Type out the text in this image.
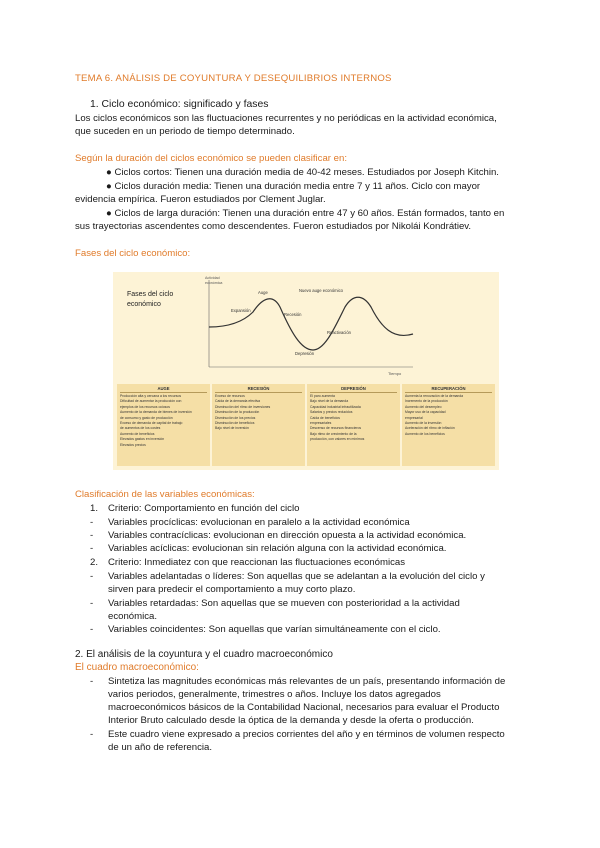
TEMA 6. ANÁLISIS DE COYUNTURA Y DESEQUILIBRIOS INTERNOS
1. Ciclo económico: significado y fases
Los ciclos económicos son las fluctuaciones recurrentes y no periódicas en la actividad económica,
que suceden en un periodo de tiempo determinado.
Según la duración del ciclos económico se pueden clasificar en:
● Ciclos cortos: Tienen una duración media de 40-42 meses. Estudiados por Joseph Kitchin.
● Ciclos duración media: Tienen una duración media entre 7 y 11 años. Ciclo con mayor
evidencia empírica. Fueron estudiados por Clement Juglar.
● Ciclos de larga duración: Tienen una duración entre 47 y 60 años. Están formados, tanto en
sus trayectorias ascendentes como descendentes. Fueron estudiados por Nikolái Kondrátiev.
Fases del ciclo económico:
Fases del ciclo
económico
Actividad
económica
Tiempo
Auge
Expansión
Recesión
Depresión
Nuevo auge económico
Reactivación
AUGE
Producción alta y cercana a los recursos
Dificultad de aumentar la producción con
ejemplos de los recursos ociosos
Aumento de la demanda de bienes de inversión
de consumo y gasto de producción
Exceso de demanda de capital de trabajo
de aumentos de los costes
Aumento de beneficios
Elevados gastos en inversión
Elevados precios
RECESIÓN
Exceso de recursos
Caída de la demanda efectiva
Disminución del ritmo de inversiones
Disminución de la producción
Disminución de los precios
Disminución de beneficios
Bajo nivel de inversión
DEPRESIÓN
El paro aumenta
Bajo nivel de la demanda
Capacidad industrial infrautilizada
Salarios y precios reducidos
Caída de beneficios
empresariales
Descenso de recursos financieros
Bajo ritmo de crecimiento de la
producción, con valores en mínimos
RECUPERACIÓN
Aumenta la renovación de la demanda
Incremento de la producción
Aumento del desempleo
Mayor uso de la capacidad
empresarial
Aumento de la inversión
Aceleración del ritmo de inflación
Aumento de los beneficios
Clasificación de las variables económicas:
1. Criterio: Comportamiento en función del ciclo
-	Variables procíclicas: evolucionan en paralelo a la actividad económica
-	Variables contracíclicas: evolucionan en dirección opuesta a la actividad económica.
-	Variables acíclicas: evolucionan sin relación alguna con la actividad económica.
2. Criterio: Inmediatez con que reaccionan las fluctuaciones económicas
-	Variables adelantadas o líderes: Son aquellas que se adelantan a la evolución del ciclo y
sirven para predecir el comportamiento a muy corto plazo.
-	Variables retardadas: Son aquellas que se mueven con posterioridad a la actividad
económica.
-	Variables coincidentes: Son aquellas que varían simultáneamente con el ciclo.
2. El análisis de la coyuntura y el cuadro macroeconómico
El cuadro macroeconómico:
-	Sintetiza las magnitudes económicas más relevantes de un país, presentando información de
varios periodos, generalmente, trimestres o años. Incluye los datos agregados
macroeconómicos básicos de la Contabilidad Nacional, necesarios para evaluar el Producto
Interior Bruto calculado desde la óptica de la demanda y desde la oferta o producción.
-	Este cuadro viene expresado a precios corrientes del año y en términos de volumen respecto
de un año de referencia.
